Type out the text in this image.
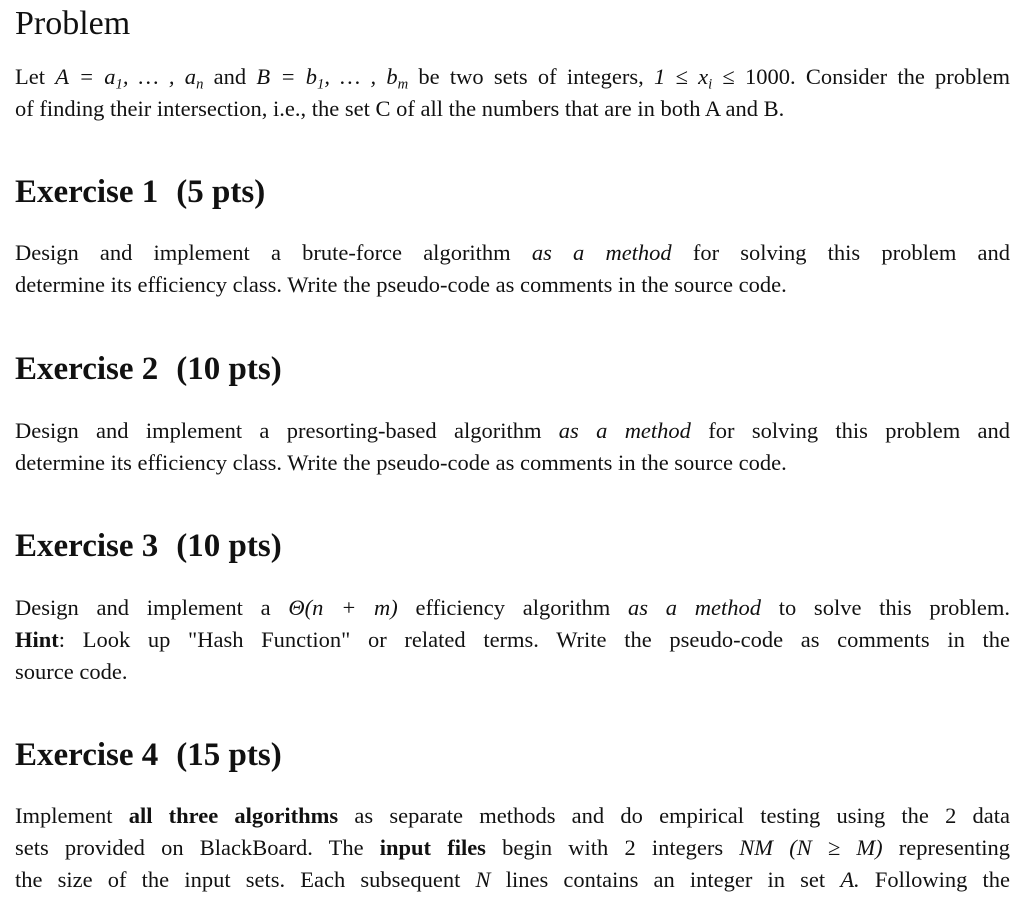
Problem

Let $A = a_1$, … , $a_n$ and $B = b_1$, … , $b_m$ be two sets of integers, $1 \le x_i \le 1000$. Consider the problem
of finding their intersection, i.e., the set C of all the numbers that are in both A and B.

Exercise 1 (5 pts)

Design and implement a brute-force algorithm as a method for solving this problem and
determine its efficiency class. Write the pseudo-code as comments in the source code.

Exercise 2 (10 pts)

Design and implement a presorting-based algorithm as a method for solving this problem and
determine its efficiency class. Write the pseudo-code as comments in the source code.

Exercise 3 (10 pts)

Design and implement a Θ(n + m) efficiency algorithm as a method to solve this problem.
Hint: Look up "Hash Function" or related terms. Write the pseudo-code as comments in the
source code.

Exercise 4 (15 pts)

Implement all three algorithms as separate methods and do empirical testing using the 2 data
sets provided on BlackBoard. The input files begin with 2 integers NM (N ≥ M) representing
the size of the input sets. Each subsequent N lines contains an integer in set A. Following the
